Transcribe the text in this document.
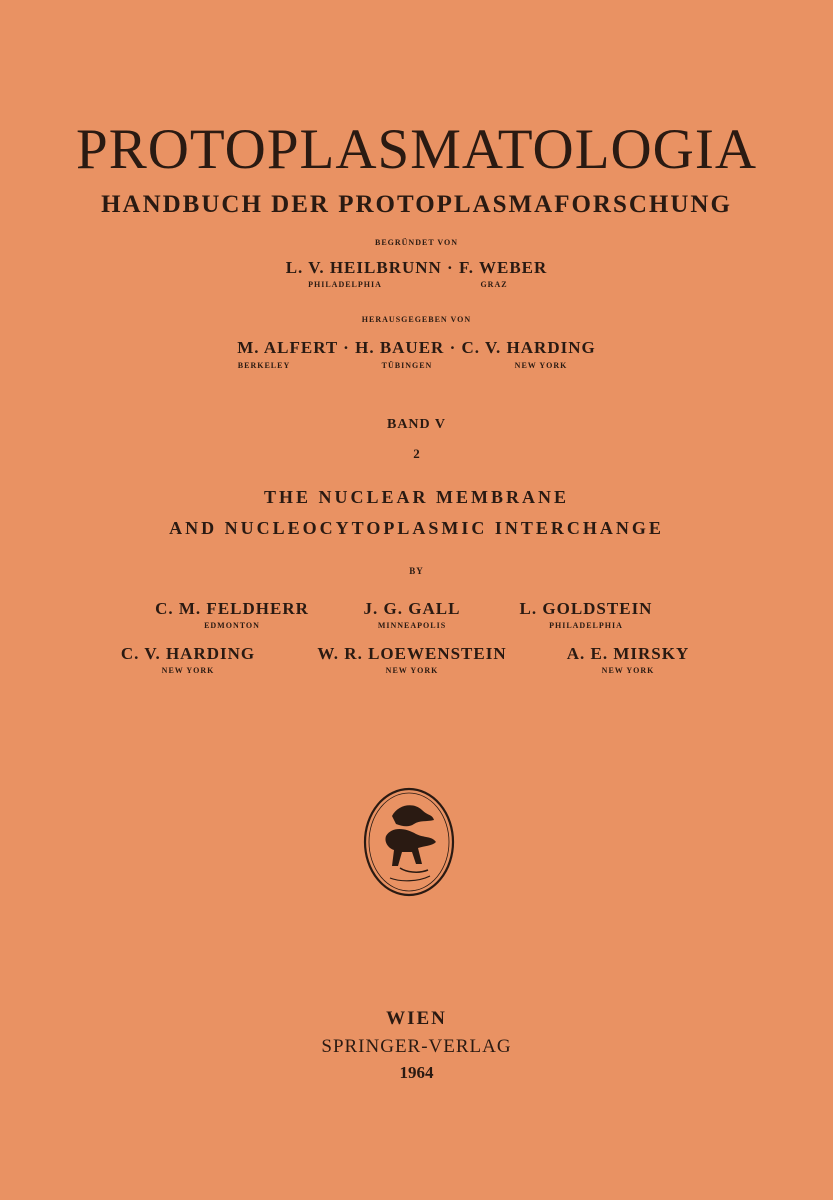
PROTOPLASMATOLOGIA
HANDBUCH DER PROTOPLASMAFORSCHUNG
BEGRÜNDET VON
L. V. HEILBRUNN · F. WEBER
PHILADELPHIA	GRAZ
HERAUSGEGEBEN VON
M. ALFERT · H. BAUER · C. V. HARDING
BERKELEY	TÜBINGEN	NEW YORK
BAND V
2
THE NUCLEAR MEMBRANE
AND NUCLEOCYTOPLASMIC INTERCHANGE
BY
C. M. FELDHERR
EDMONTON
J. G. GALL
MINNEAPOLIS
L. GOLDSTEIN
PHILADELPHIA
C. V. HARDING
NEW YORK
W. R. LOEWENSTEIN
NEW YORK
A. E. MIRSKY
NEW YORK
WIEN
SPRINGER-VERLAG
1964
